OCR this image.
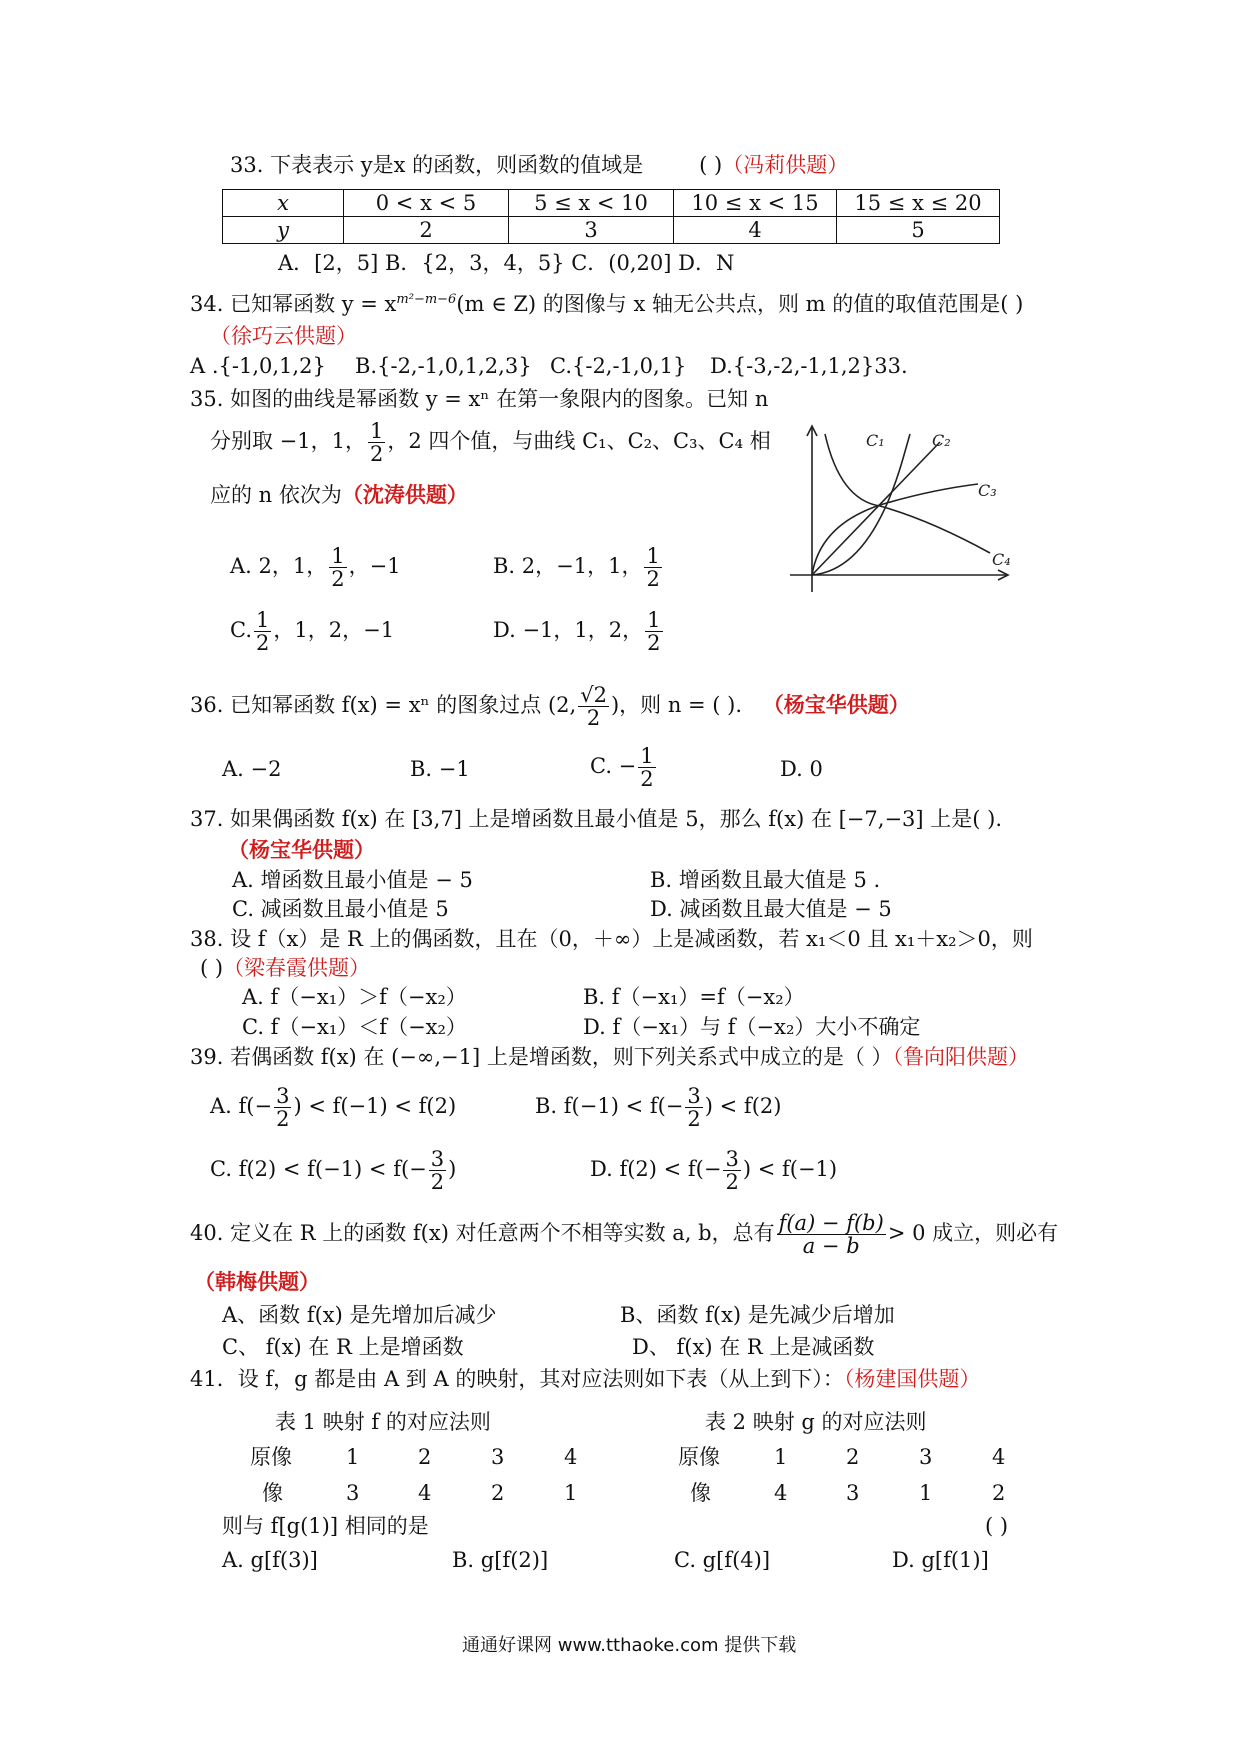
33. 下表表示 y是x 的函数，则函数的值域是	( )（冯莉供题）
x	0 < x < 5	5 ≤ x < 10	10 ≤ x < 15	15 ≤ x ≤ 20
y	2	3	4	5
A．[2，5] B．{2，3，4，5} C．(0,20] D．N
34. 已知幂函数 $y = x^{m^2-m-6}(m$ ∈ Z) 的图像与 x 轴无公共点，则 m 的值的取值范围是( )
（徐巧云供题）
A .{-1,0,1,2} B.{-2,-1,0,1,2,3} C.{-2,-1,0,1} D.{-3,-2,-1,1,2}33.
35. 如图的曲线是幂函数 y = xⁿ 在第一象限内的图象。已知 n
分别取 −1，1， $\frac{1}{2}$ ，2 四个值，与曲线 C₁、C₂、C₃、C₄ 相
应的 n 依次为（沈涛供题）
A. 2，1， $\frac{1}{2}$ ，−1	B. 2，−1，1， $\frac{1}{2}$
C. $\frac{1}{2}$ ，1，2，−1	D. −1，1，2， $\frac{1}{2}$
C₁	C₂
C₃
C₄
36. 已知幂函数 f(x) = xⁿ 的图象过点 (2, $\frac{√2}{2}$ )，则 n = ( ). （杨宝华供题）
A. −2	B. −1	C. − $\frac{1}{2}$	D. 0
37. 如果偶函数 f(x) 在 [3,7] 上是增函数且最小值是 5，那么 f(x) 在 [−7,−3] 上是( ).
（杨宝华供题）
A. 增函数且最小值是 − 5	B. 增函数且最大值是 5 .
C. 减函数且最小值是 5	D. 减函数且最大值是 − 5
38. 设 f（x）是 R 上的偶函数，且在（0，＋∞）上是减函数，若 x₁＜0 且 x₁＋x₂＞0，则
( )（梁春霞供题）
A. f（−x₁）＞f（−x₂）	B. f（−x₁）=f（−x₂）
C. f（−x₁）＜f（−x₂）	D. f（−x₁）与 f（−x₂）大小不确定
39. 若偶函数 f(x) 在 (−∞,−1] 上是增函数，则下列关系式中成立的是（ ）（鲁向阳供题）
A. $f(- \frac{3}{2}$ ) < f(−1) < f(2)	B. $f(-1) < f(- \frac{3}{2}$ ) < f(2)
C. $f(2) < f(-1) < f(- \frac{3}{2}$ )	D. $f(2) < f(- \frac{3}{2}$ ) < f(−1)
40. 定义在 R 上的函数 f(x) 对任意两个不相等实数 a, b，总有 $\frac{f(a) - f(b)}{a - b} > 0$ 成立，则必有
（韩梅供题）
A、函数 f(x) 是先增加后减少	B、函数 f(x) 是先减少后增加
C、 f(x) 在 R 上是增函数	D、 f(x) 在 R 上是减函数
41．设 f，g 都是由 A 到 A 的映射，其对应法则如下表（从上到下）：（杨建国供题）
表 1 映射 f 的对应法则	表 2 映射 g 的对应法则
原像	1	2	3	4
像	3	4	2	1
原像	1	2	3	4
像	4	3	1	2
则与 f[g(1)] 相同的是	( )
A. g[f(3)]	B. g[f(2)]	C. g[f(4)]	D. g[f(1)]
通通好课网 www.tthaoke.com 提供下载
